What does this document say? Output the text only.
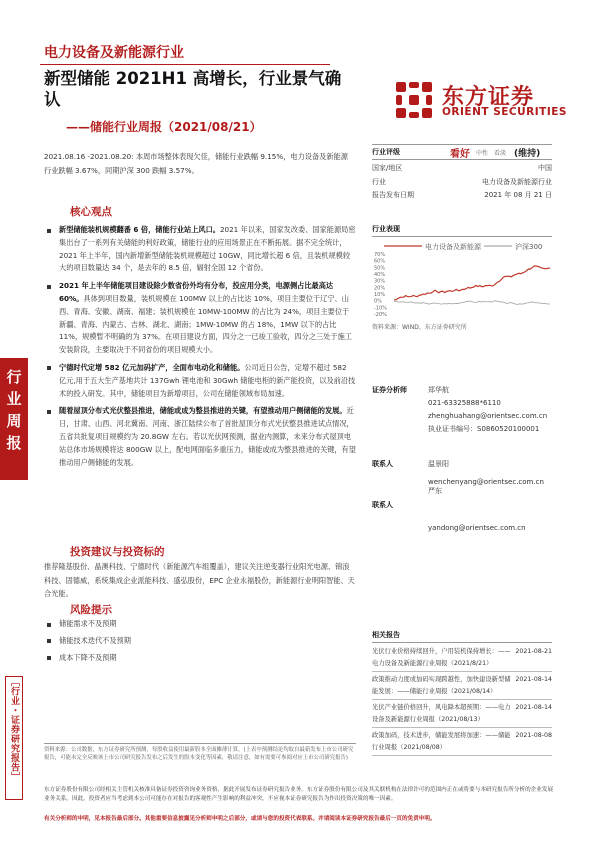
电力设备及新能源行业
新型储能 2021H1 高增长，行业景气确认
——储能行业周报（2021/08/21）
东方证券
ORIENT SECURITIES
2021.08.16 -2021.08.20: 本周市场整体表现欠佳，储能行业跌幅 9.15%，电力设备及新能源行业跌幅 3.67%，同期沪深 300 跌幅 3.57%。
核心观点
新型储能装机规模翻番 6 倍，储能行业站上风口。2021 年以来，国家发改委、国家能源局密集出台了一系列有关储能的利好政策，储能行业的应用场景正在不断拓展。据不完全统计，2021 年上半年，国内新增新型储能装机规模超过 10GW，同比增长超 6 倍，且装机规模较大的项目数量达 34 个，是去年的 8.5 倍，辐射全国 12 个省份。
2021 年上半年储能项目建设除少数省份外均有分布，投应用分类，电源侧占比最高达 60%。具体到项目数量，装机规模在 100MW 以上的占比达 10%，项目主要位于辽宁、山西、青海、安徽、湖南、福建；装机规模在 10MW-100MW 的占比为 24%，项目主要位于新疆、青海、内蒙古、吉林、湖北、湖南；1MW-10MW 的占 18%，1MW 以下的占比 11%，规模暂不明确的为 37%。在项目建设方面，四分之一已竣工验收，四分之三处于施工安装阶段，主要取决于不同省份的项目规模大小。
宁德时代定增 582 亿元加码扩产，全面布电动化和储能。公司近日公告，定增不超过 582 亿元,用于五大生产基地共计 137Gwh 锂电池和 30Gwh 储能电柜的新产能投资，以及前沿技术的投入研发。其中，储能项目为新增项目，公司在储能领域布局加速。
随着屋顶分布式光伏整县推进，储能或成为整县推进的关键，有望推动用户侧储能的发展。近日，甘肃、山西、河北冀南、河南、浙江陆续公布了首批屋顶分布式光伏整县推进试点情况，五省共批复项目规模约为 20.8GW 左右。若以光伏网预测，据业内测算，未来分布式屋顶电站总体市场规模将达 800GW 以上，配电网面临多重压力，储能或成为整县推进的关键，有望推动用户侧储能的发展。
投资建议与投资标的
推荐隆基股份、晶澳科技、宁德时代（新能源汽车组覆盖），建议关注逆变器行业阳光电源、锦浪科技、固德威，系统集成企业派能科技、盛弘股份，EPC 企业永福股份，新能源行业明阳智能、天合光能。
风险提示
储能需求不及预期
储能技术迭代不及预期
成本下降不及预期
行业周报
［行业・证券研究报告］
行业评级	看好 中性 看淡 (维持)
国家/地区	中国
行业	电力设备及新能源行业
报告发布日期	2021 年 08 月 21 日
行业表现
电力设备及新能源	沪深300
70%
60%
50%
40%
30%
20%
10%
0%
-10%
-20%
资料来源：WIND、东方证券研究所
证券分析师	郑华航
021-63325888*6110
zhenghuahang@orientsec.com.cn
执业证书编号：S0860520100001
联系人	温景阳
wenchenyang@orientsec.com.cn
联系人
严东
yandong@orientsec.com.cn
相关报告
光伏行业价格持续回升，户用装机保持增长：——电力设备及新能源行业周报（2021/8/21）
2021-08-21
政策推动力度或加码实现跨越性，加快建设新型储能发展：——储能行业周报（2021/08/14）
2021-08-14
光伏产业链价格回升，风电降本超预期：——电力设备及新能源行业周报（2021/08/13）
2021-08-14
政策加码，技术进步，储能发展将加速：——储能行业周报（2021/08/08）
2021-08-08
资料来源：公司数据，东方证券研究所预测，每股收益使用最新股本全面摊薄计算。(上表中预测结论均取自最新发布上市公司研究报告，可能未完全反映该上市公司研究报告发布之后发生的股本变化等因素，敬请注意，如有需要可参阅对应上市公司研究报告)
东方证券股份有限公司经相关主管机关核准具备证券投资咨询业务资格，据此开展发布证券研究报告业务。东方证券股份有限公司及其关联机构在法律许可的范围内正在或将要与本研究报告所分析的企业发展业务关系。因此，投资者应当考虑到本公司可能存在对报告的客观性产生影响的利益冲突，不应视本证券研究报告为作出投资决策的唯一因素。
有关分析师的申明，见本报告最后部分。其他重要信息披露见分析师申明之后部分，或请与您的投资代表联系。并请阅读本证券研究报告最后一页的免责申明。
